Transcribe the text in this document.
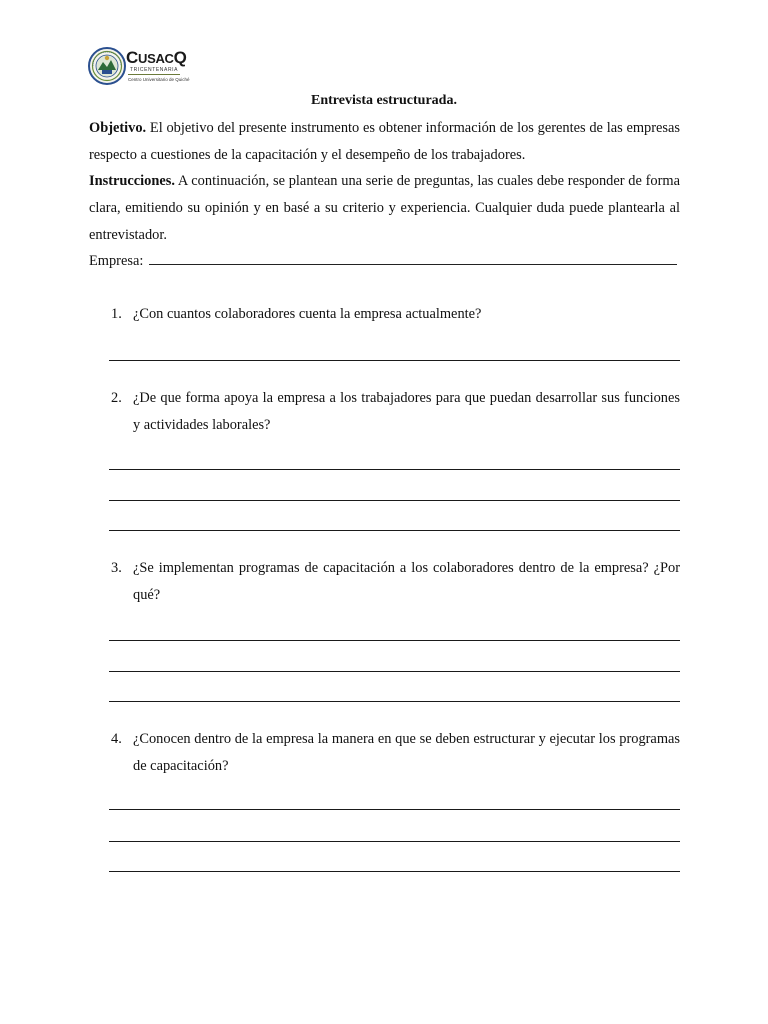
CUSACQ
TRICENTENARIA
Centro Universitario de Quiché
Entrevista estructurada.
Objetivo. El objetivo del presente instrumento es obtener información de los gerentes de las empresas respecto a cuestiones de la capacitación y el desempeño de los trabajadores.
Instrucciones. A continuación, se plantean una serie de preguntas, las cuales debe responder de forma clara, emitiendo su opinión y en basé a su criterio y experiencia. Cualquier duda puede plantearla al entrevistador.
Empresa:
1. ¿Con cuantos colaboradores cuenta la empresa actualmente?
2. ¿De que forma apoya la empresa a los trabajadores para que puedan desarrollar sus funciones y actividades laborales?
3. ¿Se implementan programas de capacitación a los colaboradores dentro de la empresa? ¿Por qué?
4. ¿Conocen dentro de la empresa la manera en que se deben estructurar y ejecutar los programas de capacitación?
